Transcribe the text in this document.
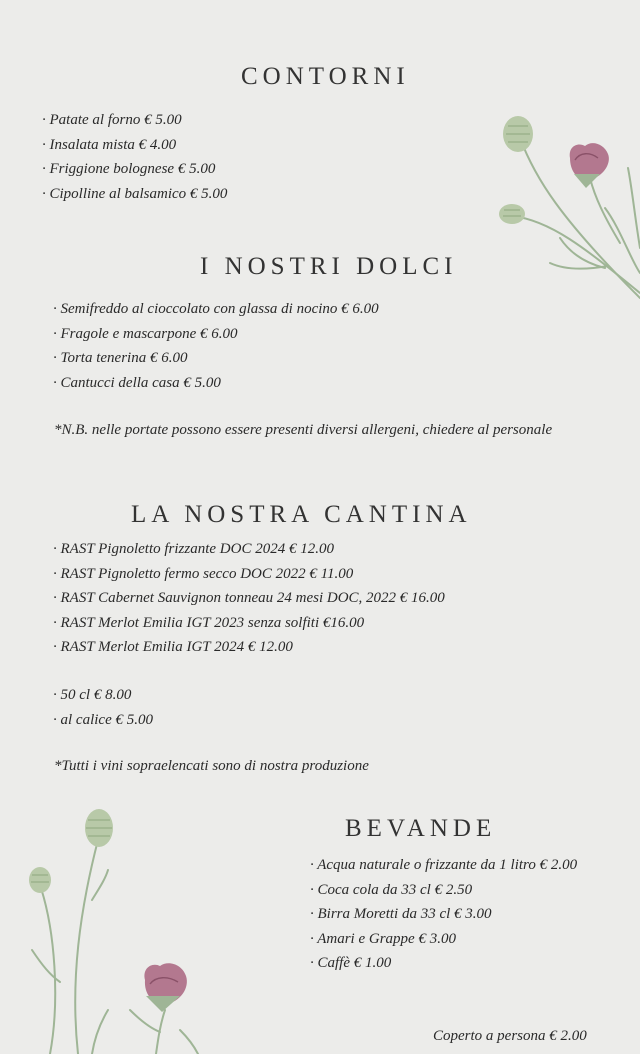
CONTORNI
· Patate al forno € 5.00
· Insalata mista € 4.00
· Friggione bolognese € 5.00
· Cipolline al balsamico € 5.00
I NOSTRI DOLCI
· Semifreddo al cioccolato con glassa di nocino € 6.00
· Fragole e mascarpone € 6.00
· Torta tenerina € 6.00
· Cantucci della casa € 5.00
*N.B. nelle portate possono essere presenti diversi allergeni, chiedere al personale
LA NOSTRA CANTINA
· RAST Pignoletto frizzante DOC 2024 € 12.00
· RAST Pignoletto fermo secco DOC 2022 € 11.00
· RAST Cabernet Sauvignon tonneau 24 mesi DOC, 2022 € 16.00
· RAST Merlot Emilia IGT 2023 senza solfiti €16.00
· RAST Merlot Emilia IGT 2024 € 12.00
· 50 cl € 8.00
· al calice € 5.00
*Tutti i vini sopraelencati sono di nostra produzione
BEVANDE
· Acqua naturale o frizzante da 1 litro € 2.00
· Coca cola da 33 cl € 2.50
· Birra Moretti da 33 cl € 3.00
· Amari e Grappe € 3.00
· Caffè € 1.00
Coperto a persona € 2.00
